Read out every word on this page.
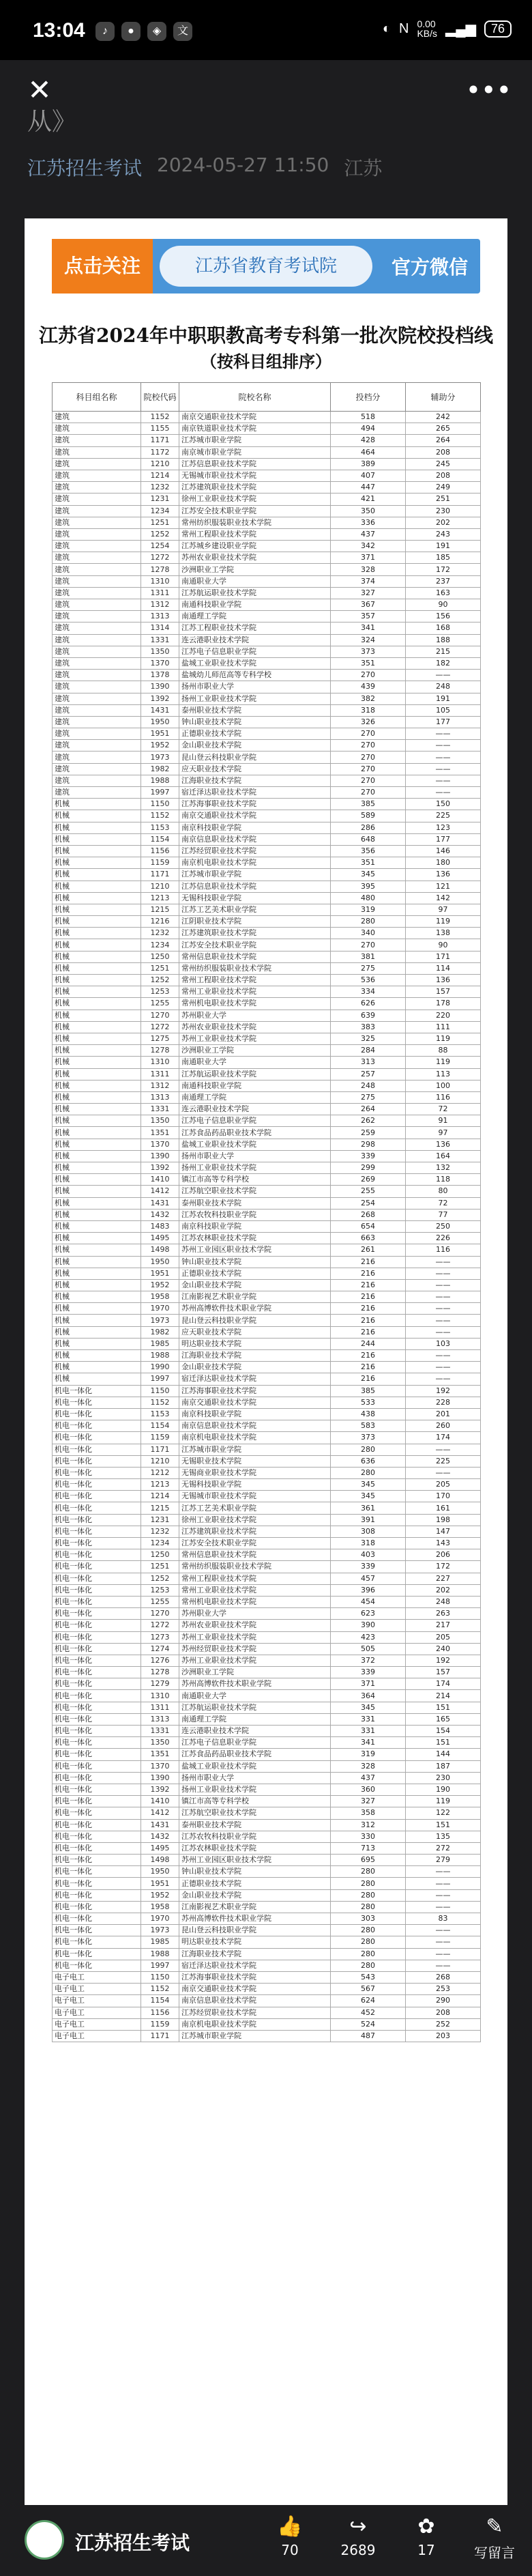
13:04	♪	●	◈	文	◐ N 0.00
KB/s ▂▄▆	76
✕	•••
从》
江苏招生考试 2024-05-27 11:50 江苏
点击关注	江苏省教育考试院	官方微信
江苏省2024年中职职教高考专科第一批次院校投档线
（按科目组排序）
科目组名称	院校代码	院校名称	投档分	辅助分
建筑	1152	南京交通职业技术学院	518	242
建筑	1155	南京铁道职业技术学院	494	265
建筑	1171	江苏城市职业学院	428	264
建筑	1172	南京城市职业学院	464	208
建筑	1210	江苏信息职业技术学院	389	245
建筑	1214	无锡城市职业技术学院	407	208
建筑	1232	江苏建筑职业技术学院	447	249
建筑	1231	徐州工业职业技术学院	421	251
建筑	1234	江苏安全技术职业学院	350	230
建筑	1251	常州纺织服装职业技术学院	336	202
建筑	1252	常州工程职业技术学院	437	243
建筑	1254	江苏城乡建设职业学院	342	191
建筑	1272	苏州农业职业技术学院	371	185
建筑	1278	沙洲职业工学院	328	172
建筑	1310	南通职业大学	374	237
建筑	1311	江苏航运职业技术学院	327	163
建筑	1312	南通科技职业学院	367	90
建筑	1313	南通理工学院	357	156
建筑	1314	江苏工程职业技术学院	341	168
建筑	1331	连云港职业技术学院	324	188
建筑	1350	江苏电子信息职业学院	373	215
建筑	1370	盐城工业职业技术学院	351	182
建筑	1378	盐城幼儿师范高等专科学校	270	——
建筑	1390	扬州市职业大学	439	248
建筑	1392	扬州工业职业技术学院	382	191
建筑	1431	泰州职业技术学院	318	105
建筑	1950	钟山职业技术学院	326	177
建筑	1951	正德职业技术学院	270	——
建筑	1952	金山职业技术学院	270	——
建筑	1973	昆山登云科技职业学院	270	——
建筑	1982	应天职业技术学院	270	——
建筑	1988	江海职业技术学院	270	——
建筑	1997	宿迁泽达职业技术学院	270	——
机械	1150	江苏海事职业技术学院	385	150
机械	1152	南京交通职业技术学院	589	225
机械	1153	南京科技职业学院	286	123
机械	1154	南京信息职业技术学院	648	177
机械	1156	江苏经贸职业技术学院	356	146
机械	1159	南京机电职业技术学院	351	180
机械	1171	江苏城市职业学院	345	136
机械	1210	江苏信息职业技术学院	395	121
机械	1213	无锡科技职业学院	480	142
机械	1215	江苏工艺美术职业学院	319	97
机械	1216	江阴职业技术学院	280	119
机械	1232	江苏建筑职业技术学院	340	138
机械	1234	江苏安全技术职业学院	270	90
机械	1250	常州信息职业技术学院	381	171
机械	1251	常州纺织服装职业技术学院	275	114
机械	1252	常州工程职业技术学院	536	136
机械	1253	常州工业职业技术学院	334	157
机械	1255	常州机电职业技术学院	626	178
机械	1270	苏州职业大学	639	220
机械	1272	苏州农业职业技术学院	383	111
机械	1275	苏州工业职业技术学院	325	119
机械	1278	沙洲职业工学院	284	88
机械	1310	南通职业大学	313	119
机械	1311	江苏航运职业技术学院	257	113
机械	1312	南通科技职业学院	248	100
机械	1313	南通理工学院	275	116
机械	1331	连云港职业技术学院	264	72
机械	1350	江苏电子信息职业学院	262	91
机械	1351	江苏食品药品职业技术学院	259	97
机械	1370	盐城工业职业技术学院	298	136
机械	1390	扬州市职业大学	339	164
机械	1392	扬州工业职业技术学院	299	132
机械	1410	镇江市高等专科学校	269	118
机械	1412	江苏航空职业技术学院	255	80
机械	1431	泰州职业技术学院	254	72
机械	1432	江苏农牧科技职业学院	268	77
机械	1483	南京科技职业学院	654	250
机械	1495	江苏农林职业技术学院	663	226
机械	1498	苏州工业园区职业技术学院	261	116
机械	1950	钟山职业技术学院	216	——
机械	1951	正德职业技术学院	216	——
机械	1952	金山职业技术学院	216	——
机械	1958	江南影视艺术职业学院	216	——
机械	1970	苏州高博软件技术职业学院	216	——
机械	1973	昆山登云科技职业学院	216	——
机械	1982	应天职业技术学院	216	——
机械	1985	明达职业技术学院	244	103
机械	1988	江海职业技术学院	216	——
机械	1990	金山职业技术学院	216	——
机械	1997	宿迁泽达职业技术学院	216	——
机电一体化	1150	江苏海事职业技术学院	385	192
机电一体化	1152	南京交通职业技术学院	533	228
机电一体化	1153	南京科技职业学院	438	201
机电一体化	1154	南京信息职业技术学院	583	260
机电一体化	1159	南京机电职业技术学院	373	174
机电一体化	1171	江苏城市职业学院	280	——
机电一体化	1210	无锡职业技术学院	636	225
机电一体化	1212	无锡商业职业技术学院	280	——
机电一体化	1213	无锡科技职业学院	345	205
机电一体化	1214	无锡城市职业技术学院	345	170
机电一体化	1215	江苏工艺美术职业学院	361	161
机电一体化	1231	徐州工业职业技术学院	391	198
机电一体化	1232	江苏建筑职业技术学院	308	147
机电一体化	1234	江苏安全技术职业学院	318	143
机电一体化	1250	常州信息职业技术学院	403	206
机电一体化	1251	常州纺织服装职业技术学院	339	172
机电一体化	1252	常州工程职业技术学院	457	227
机电一体化	1253	常州工业职业技术学院	396	202
机电一体化	1255	常州机电职业技术学院	454	248
机电一体化	1270	苏州职业大学	623	263
机电一体化	1272	苏州农业职业技术学院	390	217
机电一体化	1273	苏州工业职业技术学院	423	205
机电一体化	1274	苏州经贸职业技术学院	505	240
机电一体化	1276	苏州工业职业技术学院	372	192
机电一体化	1278	沙洲职业工学院	339	157
机电一体化	1279	苏州高博软件技术职业学院	371	174
机电一体化	1310	南通职业大学	364	214
机电一体化	1311	江苏航运职业技术学院	345	151
机电一体化	1313	南通理工学院	331	165
机电一体化	1331	连云港职业技术学院	331	154
机电一体化	1350	江苏电子信息职业学院	341	151
机电一体化	1351	江苏食品药品职业技术学院	319	144
机电一体化	1370	盐城工业职业技术学院	328	187
机电一体化	1390	扬州市职业大学	437	230
机电一体化	1392	扬州工业职业技术学院	360	190
机电一体化	1410	镇江市高等专科学校	327	119
机电一体化	1412	江苏航空职业技术学院	358	122
机电一体化	1431	泰州职业技术学院	312	151
机电一体化	1432	江苏农牧科技职业学院	330	135
机电一体化	1495	江苏农林职业技术学院	713	272
机电一体化	1498	苏州工业园区职业技术学院	695	279
机电一体化	1950	钟山职业技术学院	280	——
机电一体化	1951	正德职业技术学院	280	——
机电一体化	1952	金山职业技术学院	280	——
机电一体化	1958	江南影视艺术职业学院	280	——
机电一体化	1970	苏州高博软件技术职业学院	303	83
机电一体化	1973	昆山登云科技职业学院	280	——
机电一体化	1985	明达职业技术学院	280	——
机电一体化	1988	江海职业技术学院	280	——
机电一体化	1997	宿迁泽达职业技术学院	280	——
电子电工	1150	江苏海事职业技术学院	543	268
电子电工	1152	南京交通职业技术学院	567	253
电子电工	1154	南京信息职业技术学院	624	290
电子电工	1156	江苏经贸职业技术学院	452	208
电子电工	1159	南京机电职业技术学院	524	252
电子电工	1171	江苏城市职业学院	487	203
江苏招生考试
👍
70
↪
2689
✿
17
✎
写留言
